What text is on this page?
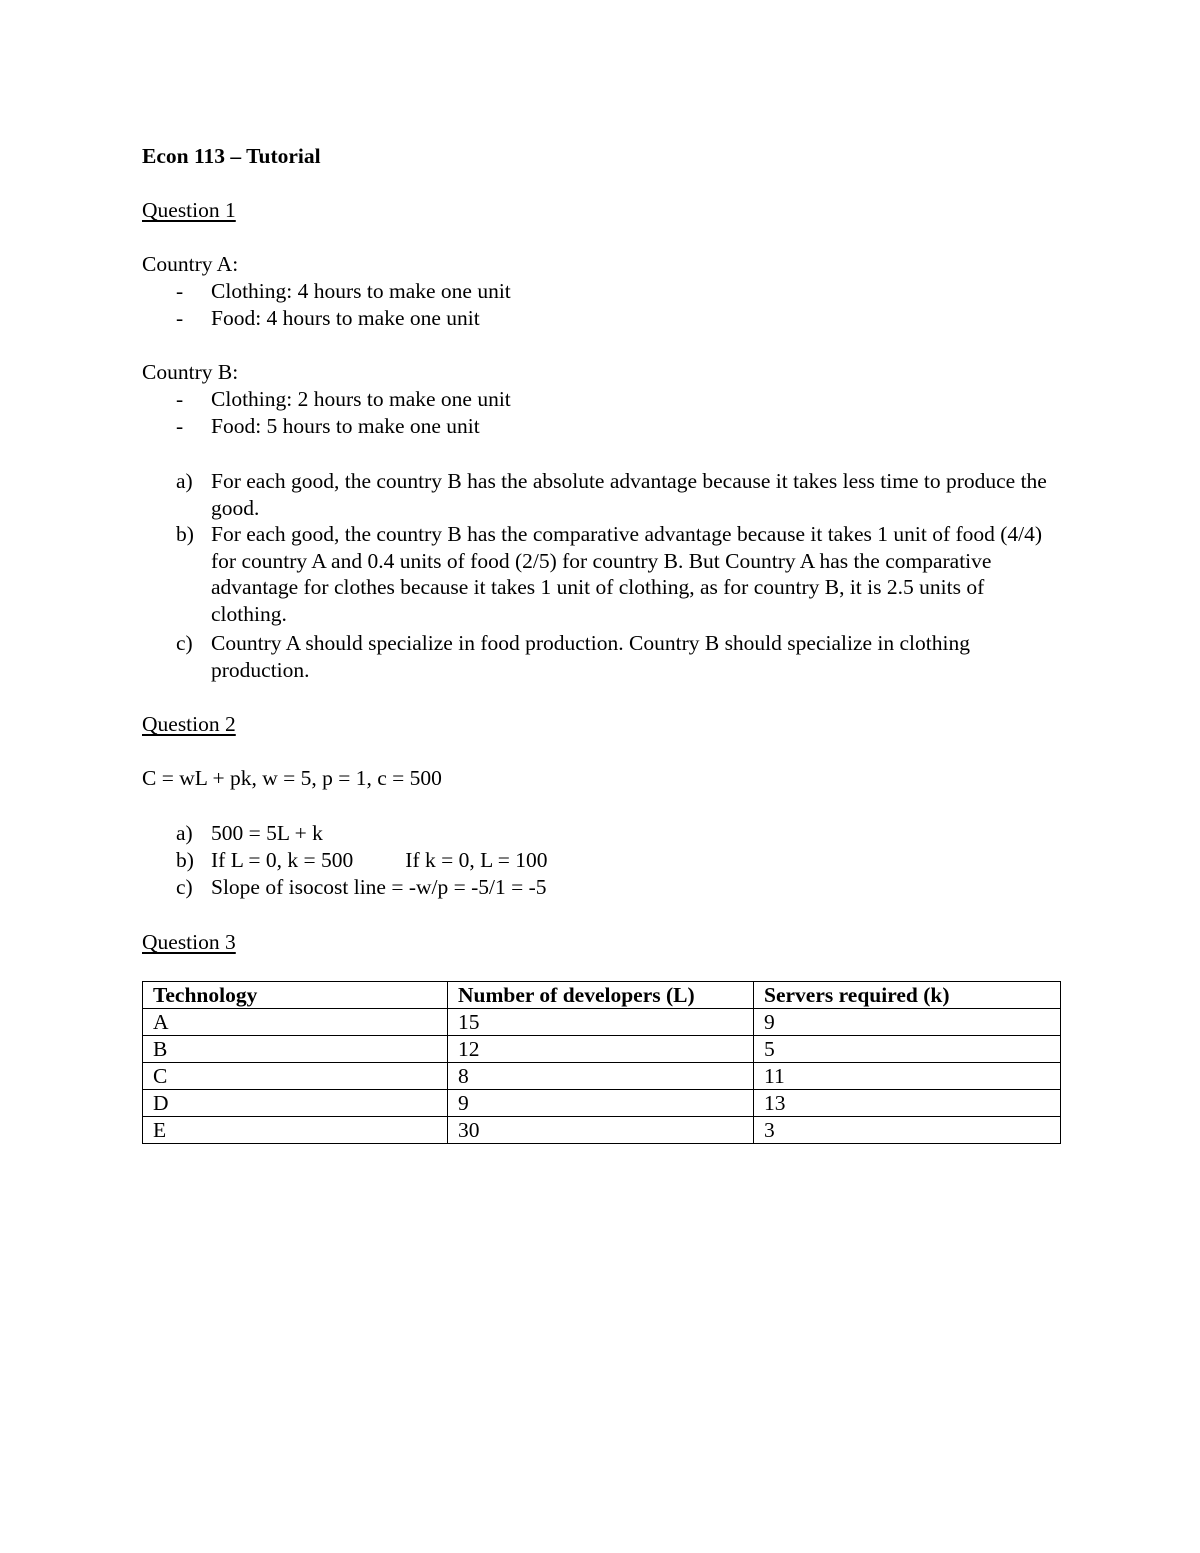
Econ 113 – Tutorial
Question 1
Country A:
- Clothing: 4 hours to make one unit
- Food: 4 hours to make one unit
Country B:
- Clothing: 2 hours to make one unit
- Food: 5 hours to make one unit
a) For each good, the country B has the absolute advantage because it takes less time to produce the good.
b) For each good, the country B has the comparative advantage because it takes 1 unit of food (4/4) for country A and 0.4 units of food (2/5) for country B. But Country A has the comparative advantage for clothes because it takes 1 unit of clothing, as for country B, it is 2.5 units of clothing.
c) Country A should specialize in food production. Country B should specialize in clothing production.
Question 2
C = wL + pk, w = 5, p = 1, c = 500
a) 500 = 5L + k
b) If L = 0, k = 500 If k = 0, L = 100
c) Slope of isocost line = -w/p = -5/1 = -5
Question 3
Technology	Number of developers (L)	Servers required (k)
A	15	9
B	12	5
C	8	11
D	9	13
E	30	3
